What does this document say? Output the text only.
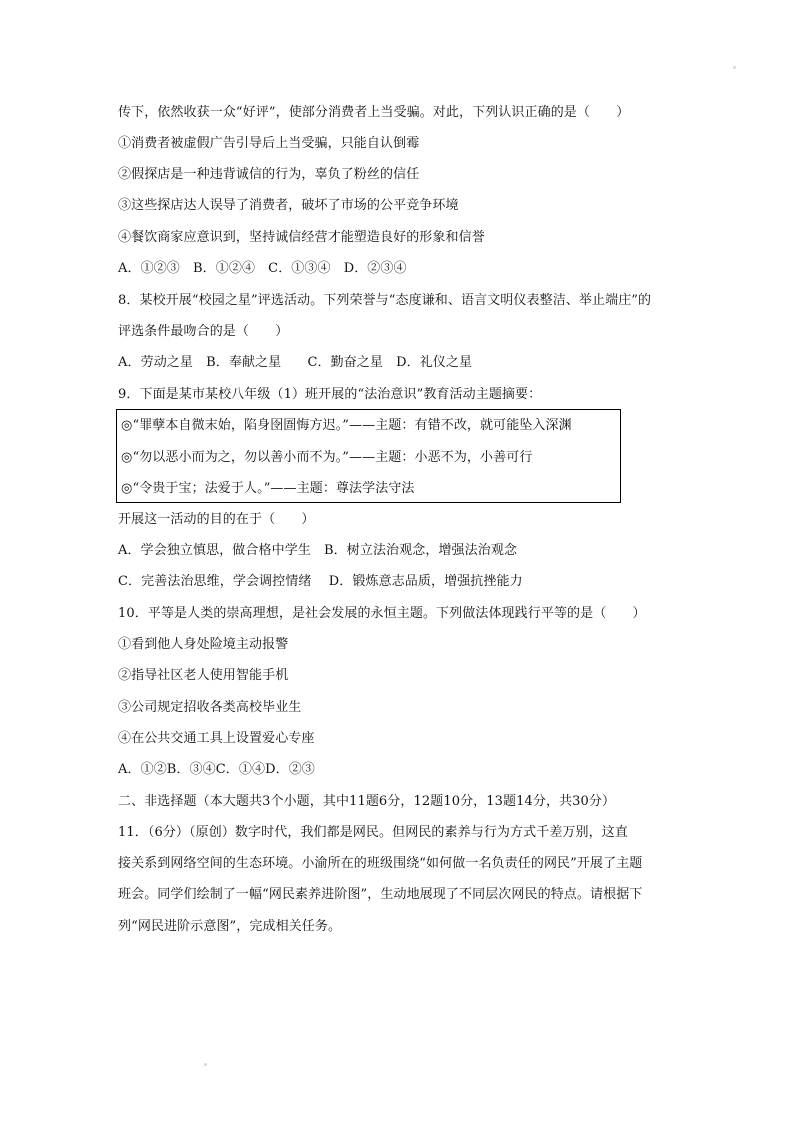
传下，依然收获一众“好评”，使部分消费者上当受骗。对此，下列认识正确的是（　　）
①消费者被虚假广告引导后上当受骗，只能自认倒霉
②假探店是一种违背诚信的行为，辜负了粉丝的信任
③这些探店达人误导了消费者，破坏了市场的公平竞争环境
④餐饮商家应意识到，坚持诚信经营才能塑造良好的形象和信誉
A．①②③　B．①②④　C．①③④　D．②③④
8．某校开展“校园之星”评选活动。下列荣誉与“态度谦和、语言文明仪表整洁、举止端庄”的
评选条件最吻合的是（　　）
A．劳动之星　B．奉献之星　　C．勤奋之星　D．礼仪之星
9．下面是某市某校八年级（1）班开展的“法治意识”教育活动主题摘要：
◎“罪孽本自微末始，陷身囹圄悔方迟。”——主题：有错不改，就可能坠入深渊
◎“勿以恶小而为之，勿以善小而不为。”——主题：小恶不为，小善可行
◎“令贵于宝；法爱于人。”——主题：尊法学法守法
开展这一活动的目的在于（　　）
A．学会独立慎思，做合格中学生　B．树立法治观念，增强法治观念
C．完善法治思维，学会调控情绪　 D．锻炼意志品质，增强抗挫能力
10．平等是人类的崇高理想，是社会发展的永恒主题。下列做法体现践行平等的是（　　）
①看到他人身处险境主动报警
②指导社区老人使用智能手机
③公司规定招收各类高校毕业生
④在公共交通工具上设置爱心专座
A．①②B．③④C．①④D．②③
二、非选择题（本大题共3个小题，其中11题6分，12题10分，13题14分，共30分）
11．（6分）（原创）数字时代，我们都是网民。但网民的素养与行为方式千差万别，这直
接关系到网络空间的生态环境。小渝所在的班级围绕“如何做一名负责任的网民”开展了主题
班会。同学们绘制了一幅“网民素养进阶图”，生动地展现了不同层次网民的特点。请根据下
列“网民进阶示意图”，完成相关任务。
